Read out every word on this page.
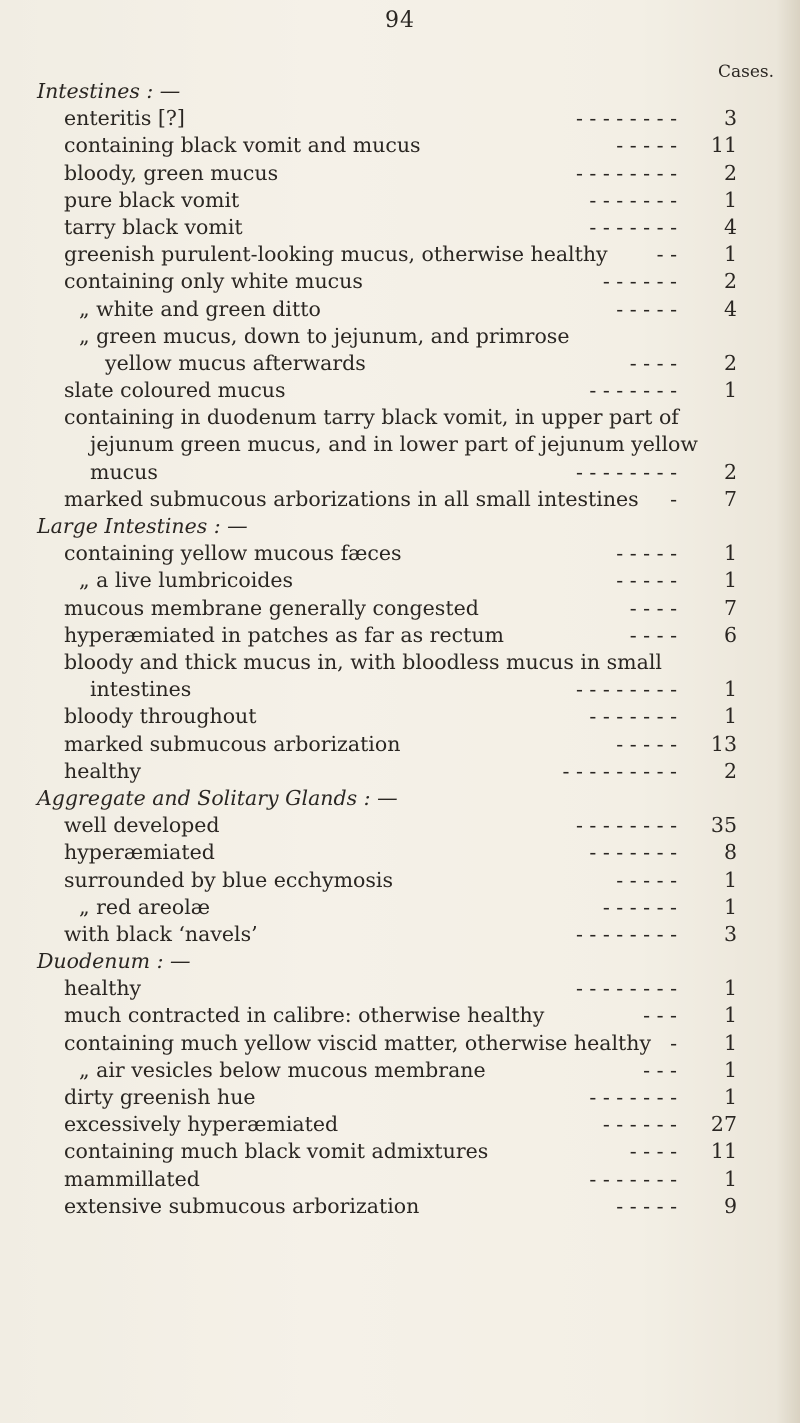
94
Cases.
Intestines : —
enteritis [?]	- - - - - - - -	3
containing black vomit and mucus	- - - - -	11
bloody, green mucus	- - - - - - - -	2
pure black vomit	- - - - - - -	1
tarry black vomit	- - - - - - -	4
greenish purulent-looking mucus, otherwise healthy - -	1
containing only white mucus	- - - - - -	2
„ white and green ditto	- - - - -	4
„ green mucus, down to jejunum, and primrose
yellow mucus afterwards	- - - -	2
slate coloured mucus	- - - - - - -	1
containing in duodenum tarry black vomit, in upper part of jejunum green mucus, and in lower part of jejunum yellow
mucus	- - - - - - - -	2
marked submucous arborizations in all small intestines -	7
Large Intestines : —
containing yellow mucous fæces	- - - - -	1
„ a live lumbricoides	- - - - -	1
mucous membrane generally congested	- - - -	7
hyperæmiated in patches as far as rectum	- - - -	6
bloody and thick mucus in, with bloodless mucus in small
intestines	- - - - - - - -	1
bloody throughout	- - - - - - -	1
marked submucous arborization	- - - - -	13
healthy	- - - - - - - - -	2
Aggregate and Solitary Glands : —
well developed	- - - - - - - -	35
hyperæmiated	- - - - - - -	8
surrounded by blue ecchymosis	- - - - -	1
„ red areolæ	- - - - - -	1
with black ‘navels’	- - - - - - - -	3
Duodenum : —
healthy	- - - - - - - -	1
much contracted in calibre: otherwise healthy	- - -	1
containing much yellow viscid matter, otherwise healthy -	1
„ air vesicles below mucous membrane	- - -	1
dirty greenish hue	- - - - - - -	1
excessively hyperæmiated	- - - - - -	27
containing much black vomit admixtures	- - - -	11
mammillated	- - - - - - -	1
extensive submucous arborization	- - - - -	9
